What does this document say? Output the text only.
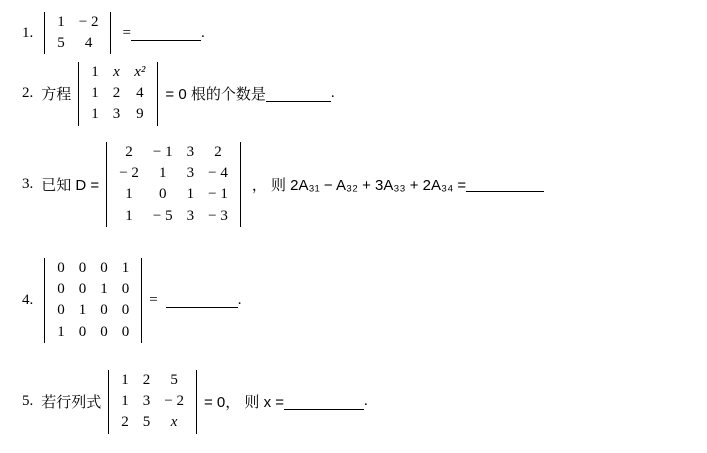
1.
1	− 2
5	4
=	.
2. 方程
1	x	x²
1	2	4
1	3	9
= 0 根的个数是	.
3. 已知 D =
2	− 1	3	2
− 2	1	3	− 4
1	0	1	− 1
1	− 5	3	− 3
， 则 2A₃₁ − A₃₂ + 3A₃₃ + 2A₃₄ =
4.
0	0	0	1
0	0	1	0
0	1	0	0
1	0	0	0
=	.
5. 若行列式
1	2	5
1	3	− 2
2	5	x
= 0， 则 x =	.
